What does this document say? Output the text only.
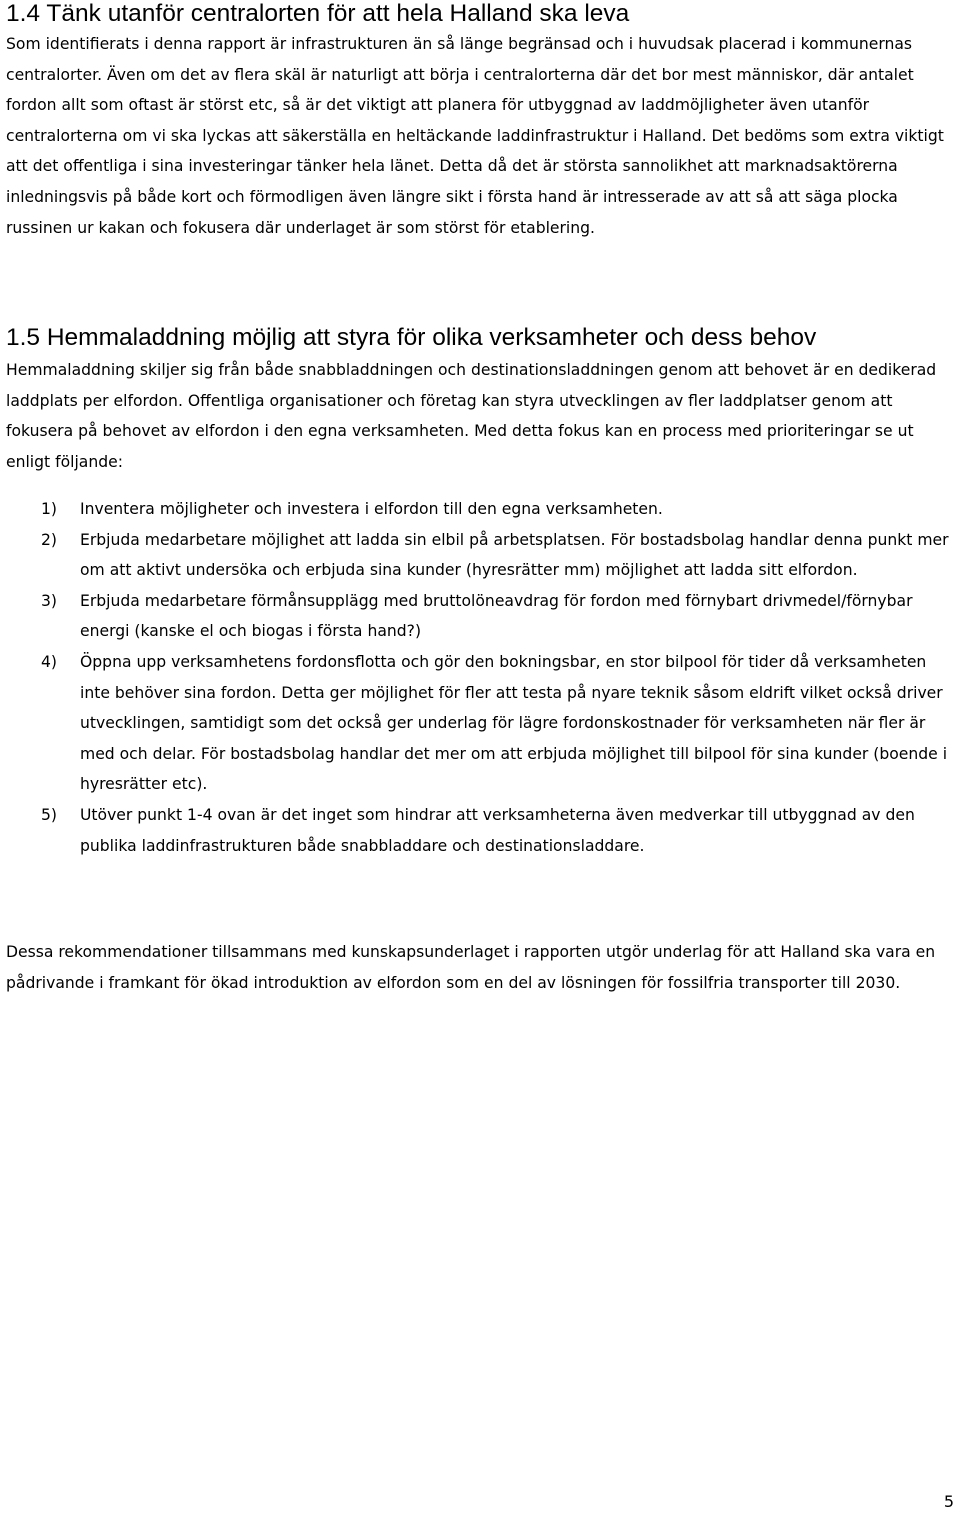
1.4 Tänk utanför centralorten för att hela Halland ska leva

Som identifierats i denna rapport är infrastrukturen än så länge begränsad och i huvudsak placerad i kommunernas centralorter. Även om det av flera skäl är naturligt att börja i centralorterna där det bor mest människor, där antalet fordon allt som oftast är störst etc, så är det viktigt att planera för utbyggnad av laddmöjligheter även utanför centralorterna om vi ska lyckas att säkerställa en heltäckande laddinfrastruktur i Halland. Det bedöms som extra viktigt att det offentliga i sina investeringar tänker hela länet. Detta då det är största sannolikhet att marknadsaktörerna inledningsvis på både kort och förmodligen även längre sikt i första hand är intresserade av att så att säga plocka russinen ur kakan och fokusera där underlaget är som störst för etablering.

1.5 Hemmaladdning möjlig att styra för olika verksamheter och dess behov

Hemmaladdning skiljer sig från både snabbladdningen och destinationsladdningen genom att behovet är en dedikerad laddplats per elfordon. Offentliga organisationer och företag kan styra utvecklingen av fler laddplatser genom att fokusera på behovet av elfordon i den egna verksamheten. Med detta fokus kan en process med prioriteringar se ut enligt följande:

1)	Inventera möjligheter och investera i elfordon till den egna verksamheten.
2)	Erbjuda medarbetare möjlighet att ladda sin elbil på arbetsplatsen. För bostadsbolag handlar denna punkt mer om att aktivt undersöka och erbjuda sina kunder (hyresrätter mm) möjlighet att ladda sitt elfordon.
3)	Erbjuda medarbetare förmånsupplägg med bruttolöneavdrag för fordon med förnybart drivmedel/förnybar energi (kanske el och biogas i första hand?)
4)	Öppna upp verksamhetens fordonsflotta och gör den bokningsbar, en stor bilpool för tider då verksamheten inte behöver sina fordon. Detta ger möjlighet för fler att testa på nyare teknik såsom eldrift vilket också driver utvecklingen, samtidigt som det också ger underlag för lägre fordonskostnader för verksamheten när fler är med och delar. För bostadsbolag handlar det mer om att erbjuda möjlighet till bilpool för sina kunder (boende i hyresrätter etc).
5)	Utöver punkt 1-4 ovan är det inget som hindrar att verksamheterna även medverkar till utbyggnad av den publika laddinfrastrukturen både snabbladdare och destinationsladdare.

Dessa rekommendationer tillsammans med kunskapsunderlaget i rapporten utgör underlag för att Halland ska vara en pådrivande i framkant för ökad introduktion av elfordon som en del av lösningen för fossilfria transporter till 2030.

5
